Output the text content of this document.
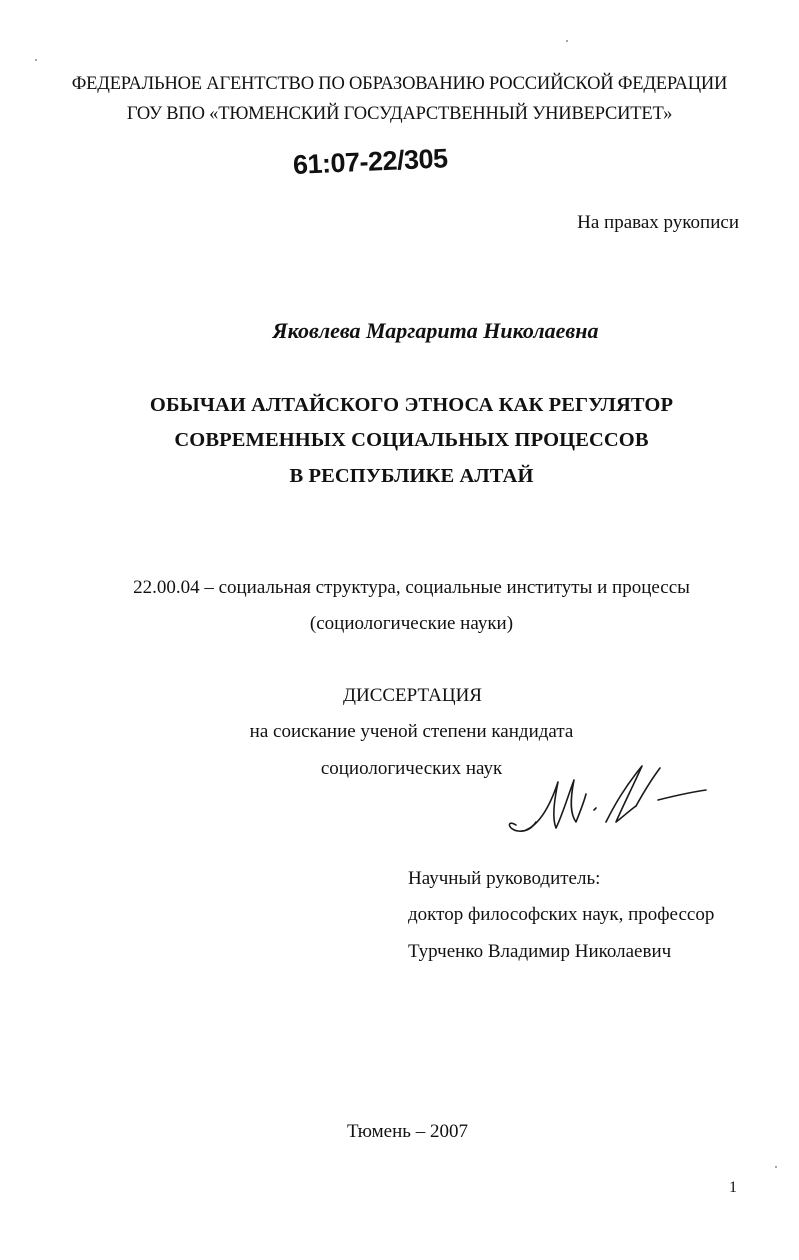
ФЕДЕРАЛЬНОЕ АГЕНТСТВО ПО ОБРАЗОВАНИЮ РОССИЙСКОЙ ФЕДЕРАЦИИ
ГОУ ВПО «ТЮМЕНСКИЙ ГОСУДАРСТВЕННЫЙ УНИВЕРСИТЕТ»
61:07-22/305
На правах рукописи
Яковлева Маргарита Николаевна
ОБЫЧАИ АЛТАЙСКОГО ЭТНОСА КАК РЕГУЛЯТОР
СОВРЕМЕННЫХ СОЦИАЛЬНЫХ ПРОЦЕССОВ
В РЕСПУБЛИКЕ АЛТАЙ
22.00.04 – социальная структура, социальные институты и процессы
(социологические науки)
ДИССЕРТАЦИЯ
на соискание ученой степени кандидата
социологических наук
Научный руководитель:
доктор философских наук, профессор
Турченко Владимир Николаевич
Тюмень – 2007
1
